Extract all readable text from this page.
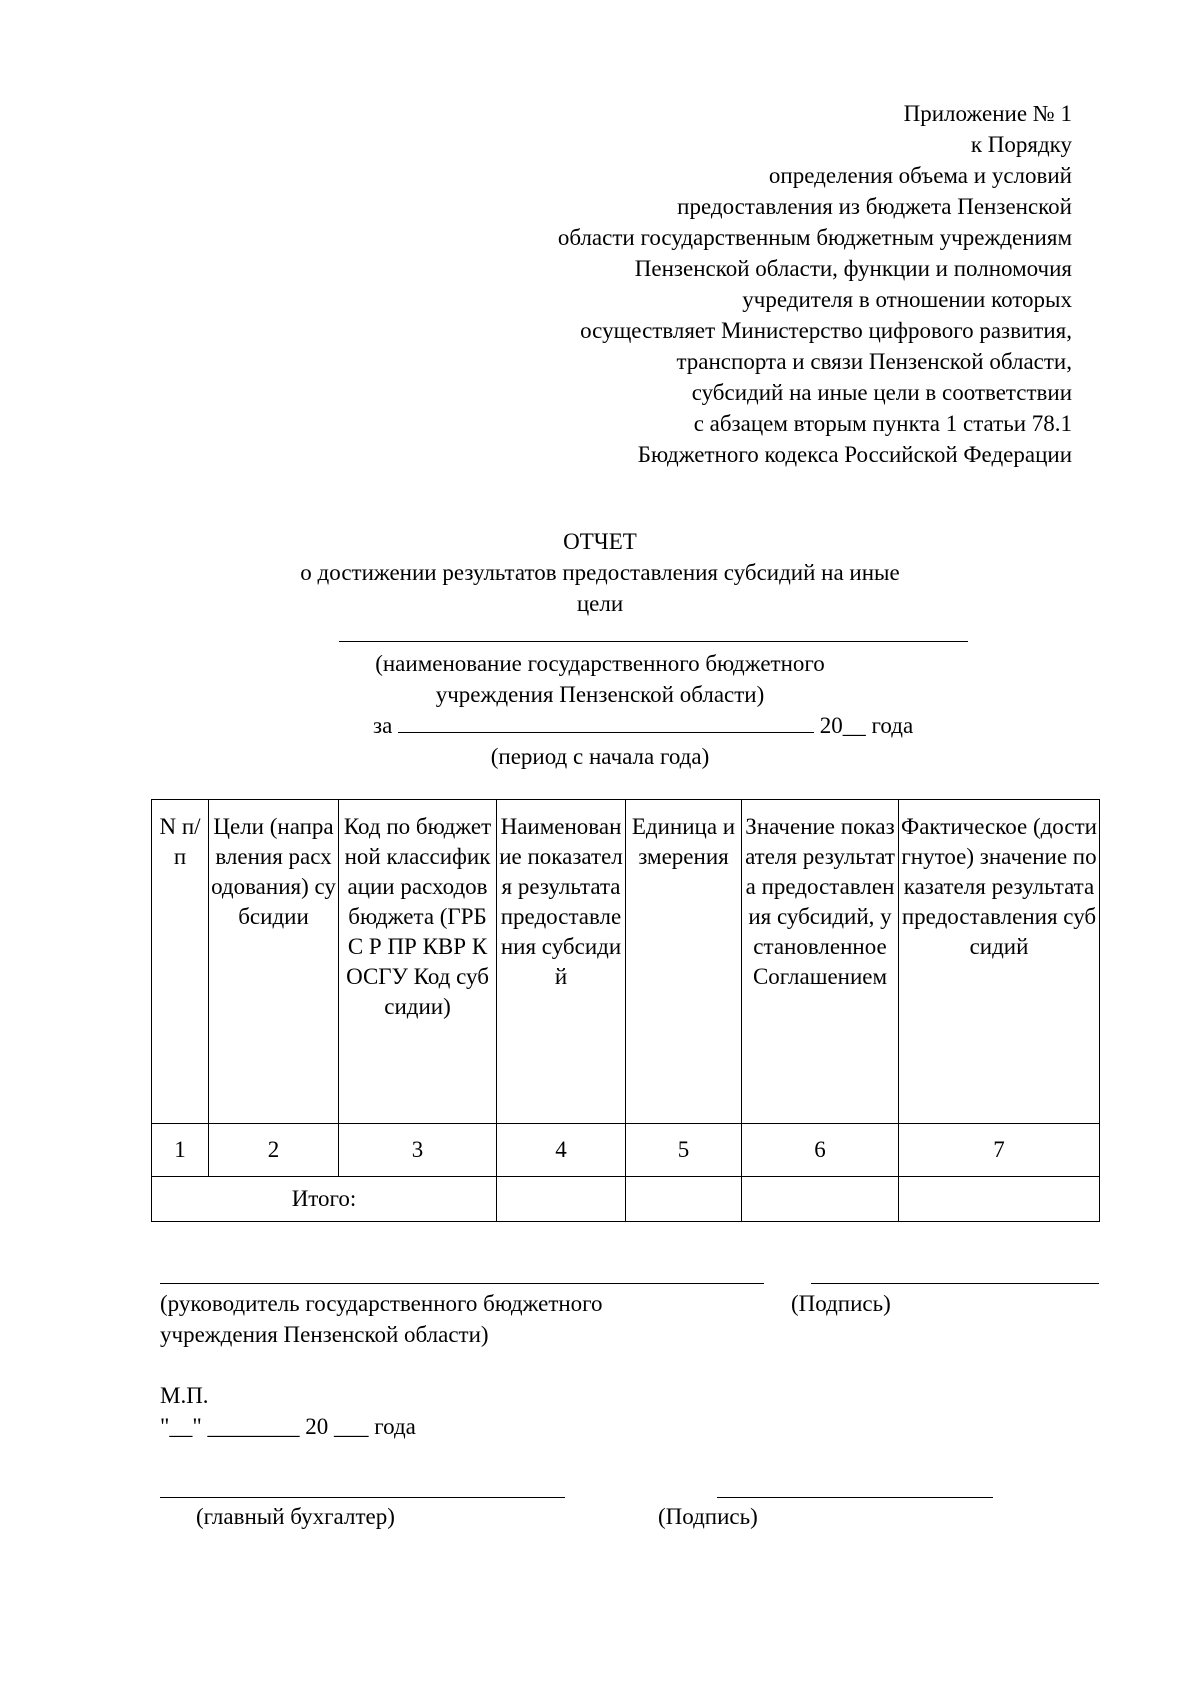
Приложение № 1
к Порядку
определения объема и условий
предоставления из бюджета Пензенской
области государственным бюджетным учреждениям
Пензенской области, функции и полномочия
учредителя в отношении которых
осуществляет Министерство цифрового развития,
транспорта и связи Пензенской области,
субсидий на иные цели в соответствии
с абзацем вторым пункта 1 статьи 78.1
Бюджетного кодекса Российской Федерации
ОТЧЕТ
о достижении результатов предоставления субсидий на иные
цели
(наименование государственного бюджетного
учреждения Пензенской области)
за	20__ года
(период с начала года)
N п/п	Цели (направления расходования) субсидии	Код по бюджетной классификации расходов бюджета (ГРБС Р ПР КВР КОСГУ Код субсидии)	Наименование показателя результата предоставления субсидий	Единица измерения	Значение показателя результата предоставления субсидий, установленное Соглашением	Фактическое (достигнутое) значение показателя результата предоставления субсидий
1	2	3	4	5	6	7
Итого:						
(руководитель государственного бюджетного	(Подпись)
учреждения Пензенской области)
М.П.
"__" ________ 20 ___ года
(главный бухгалтер)	(Подпись)
